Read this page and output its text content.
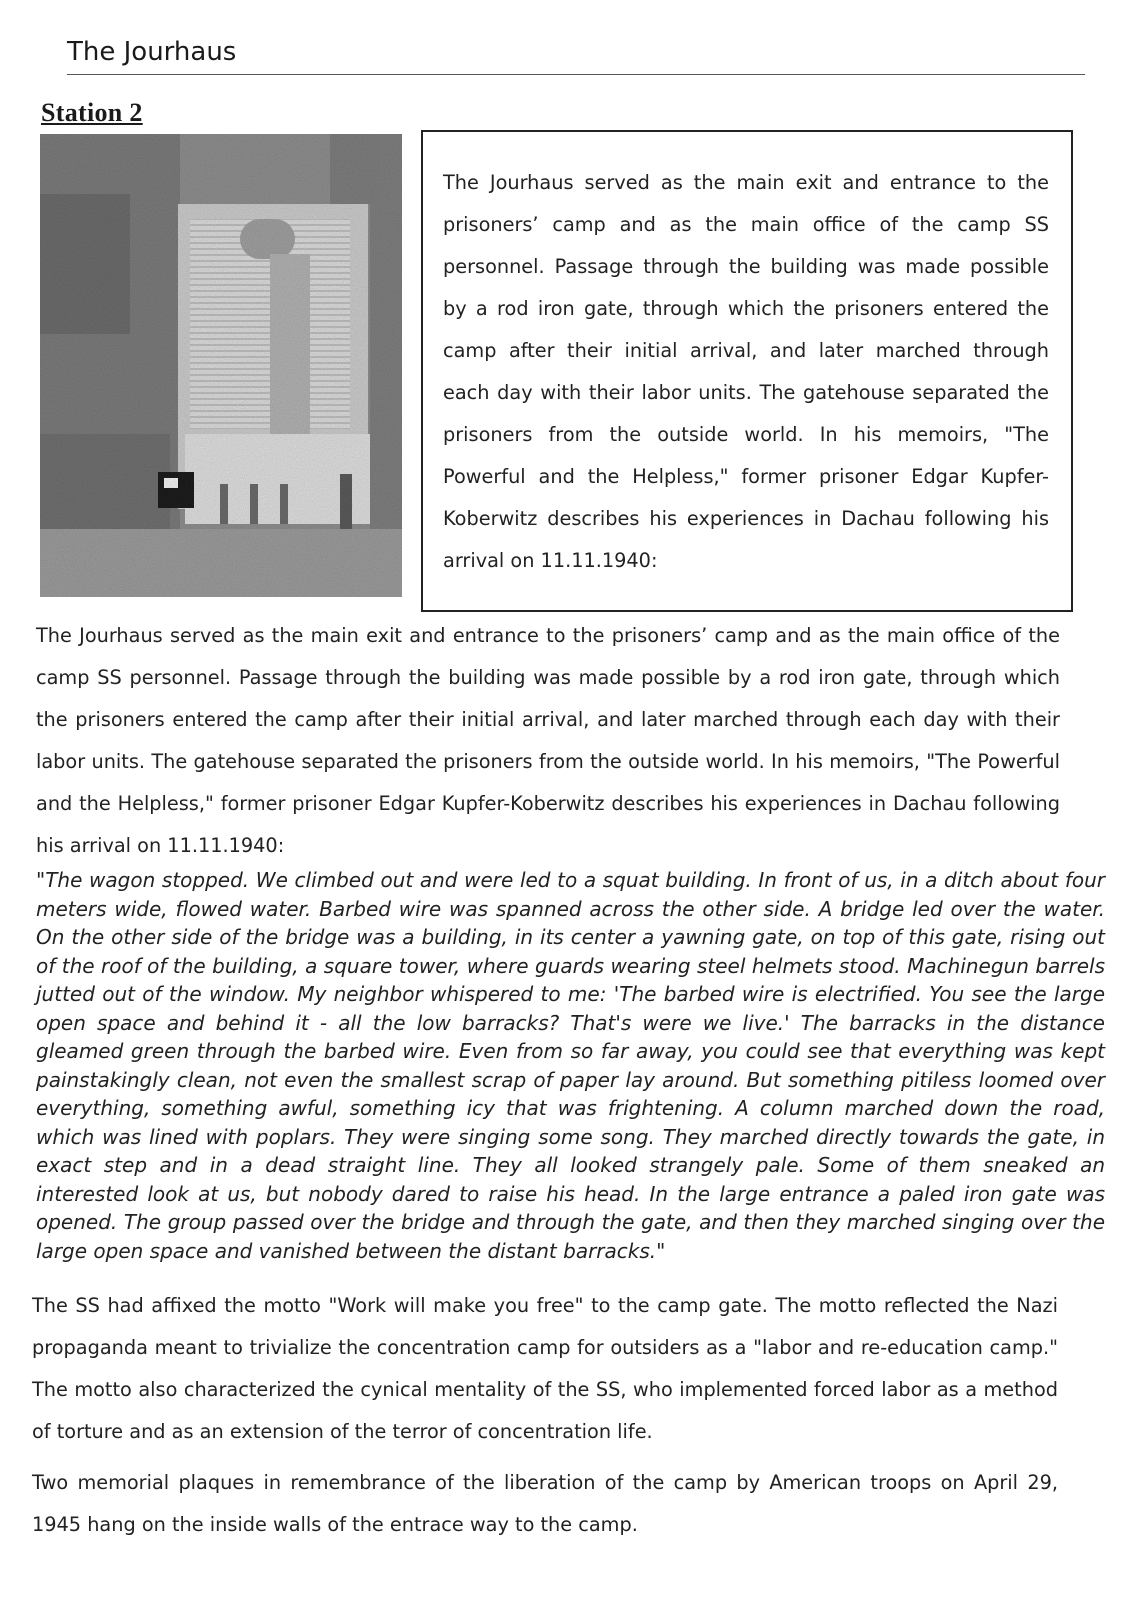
The Jourhaus
Station 2

The Jourhaus served as the main exit and entrance to the prisoners’ camp and as the main office of the camp SS personnel. Passage through the building was made possible by a rod iron gate, through which the prisoners entered the camp after their initial arrival, and later marched through each day with their labor units. The gatehouse separated the prisoners from the outside world. In his memoirs, "The Powerful and the Helpless," former prisoner Edgar Kupfer-Koberwitz describes his experiences in Dachau following his arrival on 11.11.1940:

The Jourhaus served as the main exit and entrance to the prisoners’ camp and as the main office of the camp SS personnel. Passage through the building was made possible by a rod iron gate, through which the prisoners entered the camp after their initial arrival, and later marched through each day with their labor units. The gatehouse separated the prisoners from the outside world. In his memoirs, "The Powerful and the Helpless," former prisoner Edgar Kupfer-Koberwitz describes his experiences in Dachau following his arrival on 11.11.1940:

"The wagon stopped. We climbed out and were led to a squat building. In front of us, in a ditch about four meters wide, flowed water. Barbed wire was spanned across the other side. A bridge led over the water. On the other side of the bridge was a building, in its center a yawning gate, on top of this gate, rising out of the roof of the building, a square tower, where guards wearing steel helmets stood. Machinegun barrels jutted out of the window. My neighbor whispered to me: 'The barbed wire is electrified. You see the large open space and behind it - all the low barracks? That's were we live.' The barracks in the distance gleamed green through the barbed wire. Even from so far away, you could see that everything was kept painstakingly clean, not even the smallest scrap of paper lay around. But something pitiless loomed over everything, something awful, something icy that was frightening. A column marched down the road, which was lined with poplars. They were singing some song. They marched directly towards the gate, in exact step and in a dead straight line. They all looked strangely pale. Some of them sneaked an interested look at us, but nobody dared to raise his head. In the large entrance a paled iron gate was opened. The group passed over the bridge and through the gate, and then they marched singing over the large open space and vanished between the distant barracks."

The SS had affixed the motto "Work will make you free" to the camp gate. The motto reflected the Nazi propaganda meant to trivialize the concentration camp for outsiders as a "labor and re-education camp." The motto also characterized the cynical mentality of the SS, who implemented forced labor as a method of torture and as an extension of the terror of concentration life.

Two memorial plaques in remembrance of the liberation of the camp by American troops on April 29, 1945 hang on the inside walls of the entrace way to the camp.
